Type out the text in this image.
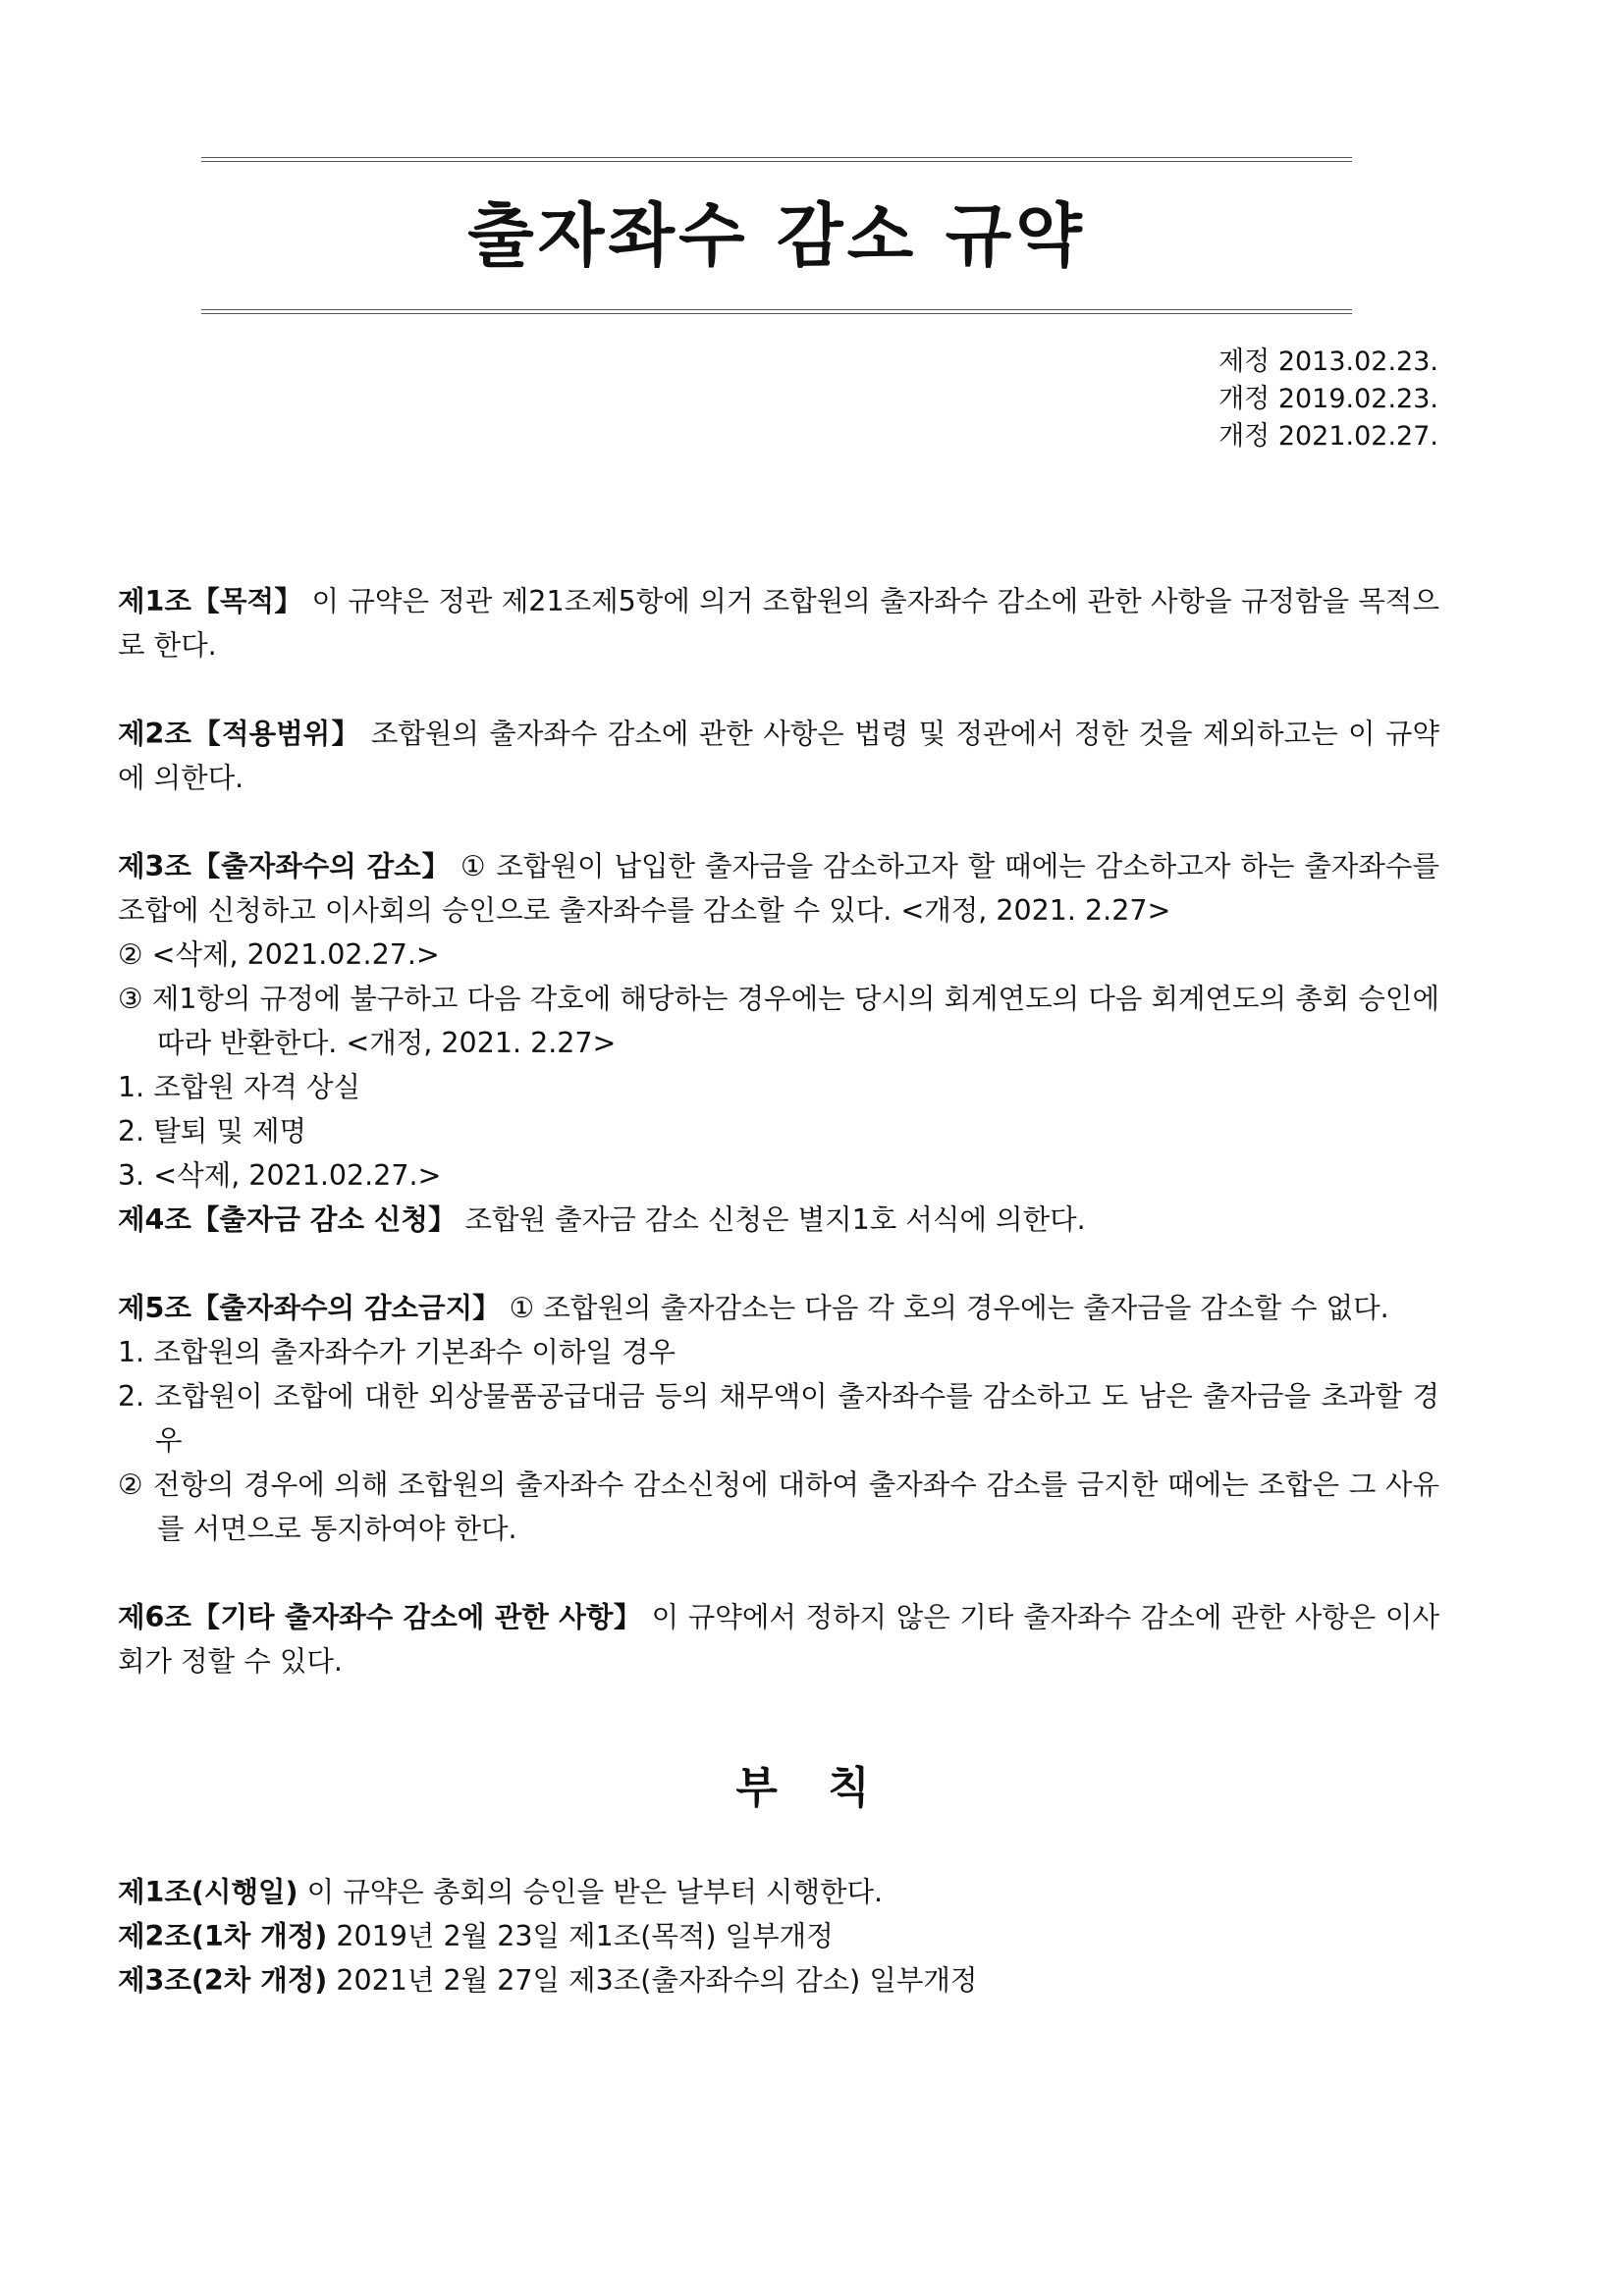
출자좌수 감소 규약
제정 2013.02.23.
개정 2019.02.23.
개정 2021.02.27.

제1조【목적】 이 규약은 정관 제21조제5항에 의거 조합원의 출자좌수 감소에 관한 사항을 규정함을 목적으로 한다.

제2조【적용범위】 조합원의 출자좌수 감소에 관한 사항은 법령 및 정관에서 정한 것을 제외하고는 이 규약에 의한다.

제3조【출자좌수의 감소】 ① 조합원이 납입한 출자금을 감소하고자 할 때에는 감소하고자 하는 출자좌수를 조합에 신청하고 이사회의 승인으로 출자좌수를 감소할 수 있다. <개정, 2021. 2.27>

② <삭제, 2021.02.27.>

③ 제1항의 규정에 불구하고 다음 각호에 해당하는 경우에는 당시의 회계연도의 다음 회계연도의 총회 승인에 따라 반환한다. <개정, 2021. 2.27>

1. 조합원 자격 상실

2. 탈퇴 및 제명

3. <삭제, 2021.02.27.>

제4조【출자금 감소 신청】 조합원 출자금 감소 신청은 별지1호 서식에 의한다.

제5조【출자좌수의 감소금지】 ① 조합원의 출자감소는 다음 각 호의 경우에는 출자금을 감소할 수 없다.

1. 조합원의 출자좌수가 기본좌수 이하일 경우

2. 조합원이 조합에 대한 외상물품공급대금 등의 채무액이 출자좌수를 감소하고 도 남은 출자금을 초과할 경우

② 전항의 경우에 의해 조합원의 출자좌수 감소신청에 대하여 출자좌수 감소를 금지한 때에는 조합은 그 사유를 서면으로 통지하여야 한다.

제6조【기타 출자좌수 감소에 관한 사항】 이 규약에서 정하지 않은 기타 출자좌수 감소에 관한 사항은 이사회가 정할 수 있다.

부 칙

제1조(시행일) 이 규약은 총회의 승인을 받은 날부터 시행한다.

제2조(1차 개정) 2019년 2월 23일 제1조(목적) 일부개정

제3조(2차 개정) 2021년 2월 27일 제3조(출자좌수의 감소) 일부개정
